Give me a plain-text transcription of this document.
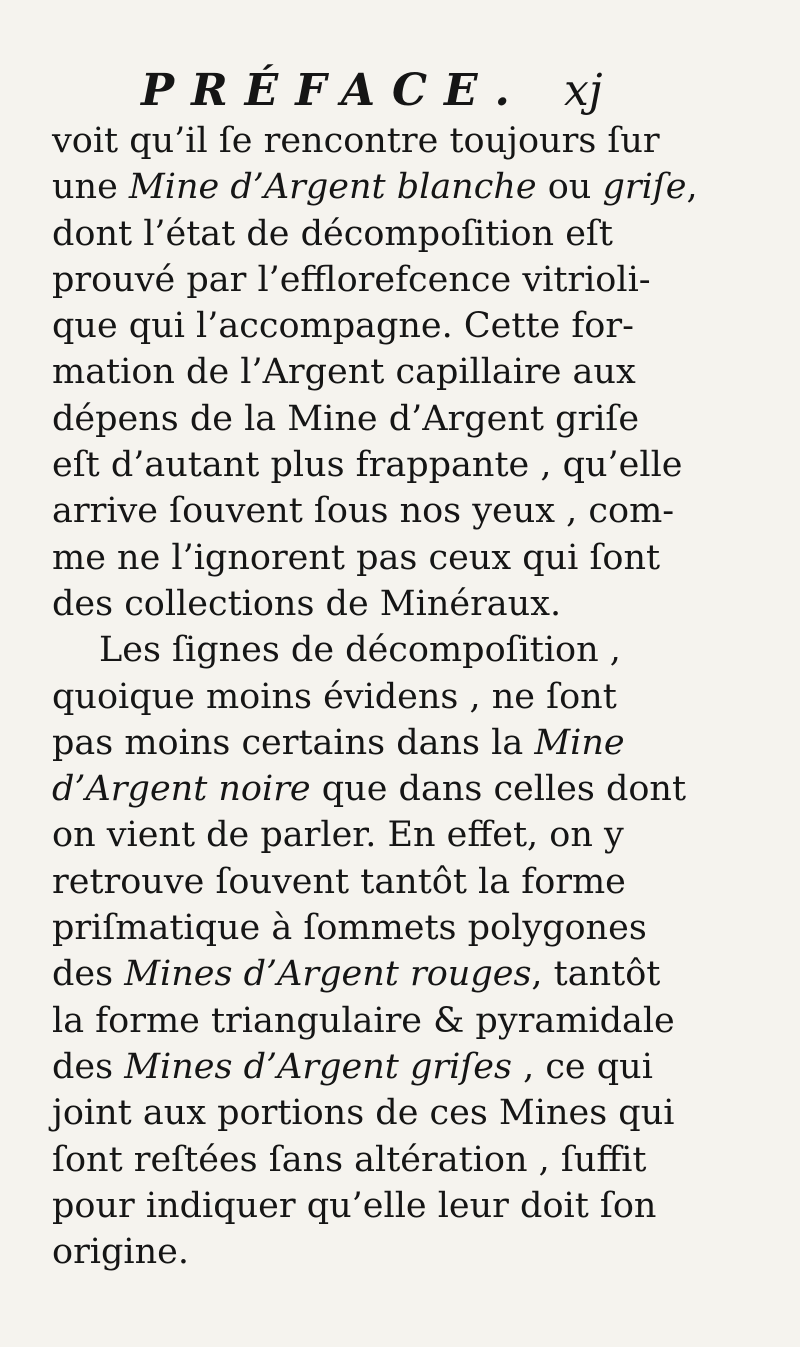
PRÉFACE. xj
voit qu’il ſe rencontre toujours ſur
une Mine d’Argent blanche ou griſe,
dont l’état de décompoſition eſt
prouvé par l’efflorefcence vitrioli-
que qui l’accompagne. Cette for-
mation de l’Argent capillaire aux
dépens de la Mine d’Argent griſe
eſt d’autant plus frappante , qu’elle
arrive ſouvent ſous nos yeux , com-
me ne l’ignorent pas ceux qui ſont
des collections de Minéraux.
Les ſignes de décompoſition ,
quoique moins évidens , ne ſont
pas moins certains dans la Mine
d’Argent noire que dans celles dont
on vient de parler. En effet, on y
retrouve ſouvent tantôt la forme
priſmatique à ſommets polygones
des Mines d’Argent rouges, tantôt
la forme triangulaire & pyramidale
des Mines d’Argent griſes , ce qui
joint aux portions de ces Mines qui
ſont reſtées ſans altération , ſuffit
pour indiquer qu’elle leur doit ſon
origine.
